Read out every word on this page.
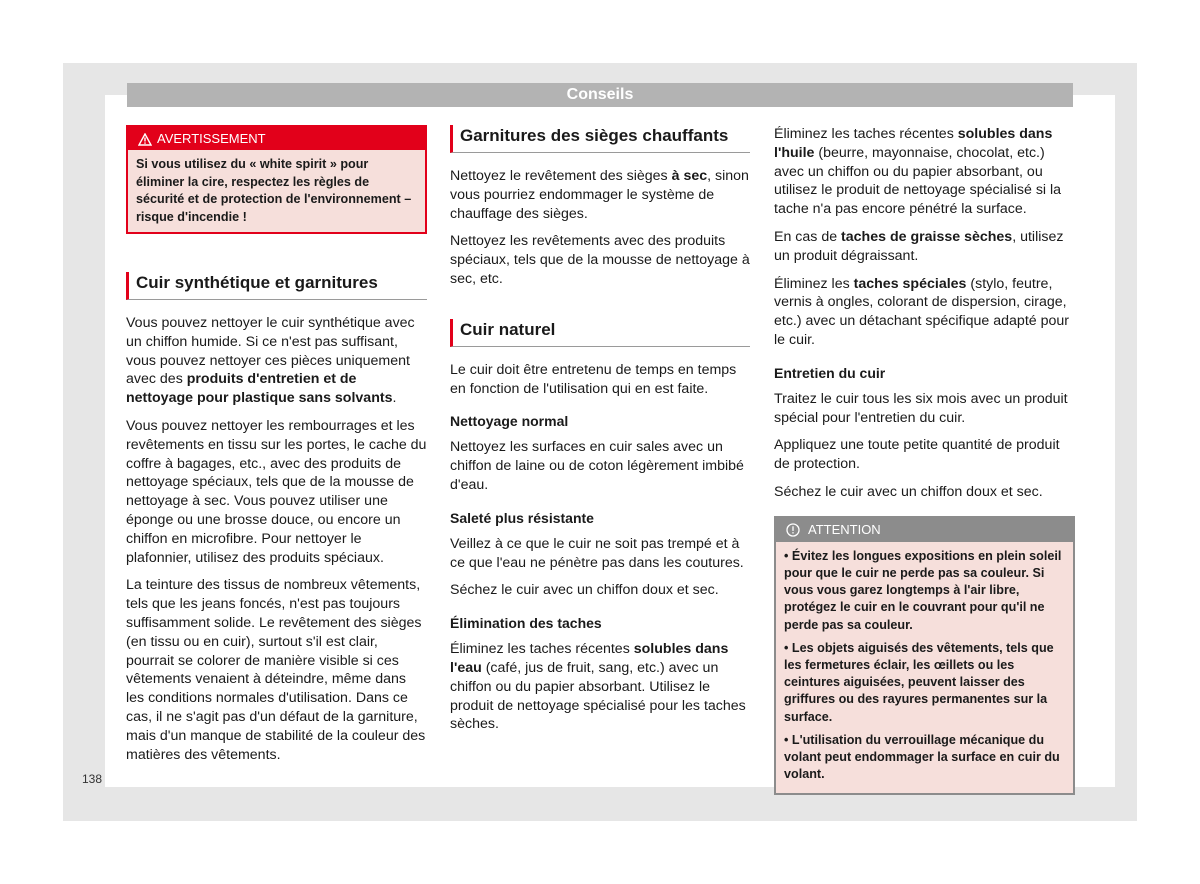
Conseils
AVERTISSEMENT
Si vous utilisez du « white spirit » pour éliminer la cire, respectez les règles de sécurité et de protection de l'environnement – risque d'incendie !
Cuir synthétique et garnitures

Vous pouvez nettoyer le cuir synthétique avec un chiffon humide. Si ce n'est pas suffisant, vous pouvez nettoyer ces pièces uniquement avec des produits d'entretien et de nettoyage pour plastique sans solvants.

Vous pouvez nettoyer les rembourrages et les revêtements en tissu sur les portes, le cache du coffre à bagages, etc., avec des produits de nettoyage spéciaux, tels que de la mousse de nettoyage à sec. Vous pouvez utiliser une éponge ou une brosse douce, ou encore un chiffon en microfibre. Pour nettoyer le plafonnier, utilisez des produits spéciaux.

La teinture des tissus de nombreux vêtements, tels que les jeans foncés, n'est pas toujours suffisamment solide. Le revêtement des sièges (en tissu ou en cuir), surtout s'il est clair, pourrait se colorer de manière visible si ces vêtements venaient à déteindre, même dans les conditions normales d'utilisation. Dans ce cas, il ne s'agit pas d'un défaut de la garniture, mais d'un manque de stabilité de la couleur des matières des vêtements.

Garnitures des sièges chauffants

Nettoyez le revêtement des sièges à sec, sinon vous pourriez endommager le système de chauffage des sièges.

Nettoyez les revêtements avec des produits spéciaux, tels que de la mousse de nettoyage à sec, etc.

Cuir naturel

Le cuir doit être entretenu de temps en temps en fonction de l'utilisation qui en est faite.

Nettoyage normal

Nettoyez les surfaces en cuir sales avec un chiffon de laine ou de coton légèrement imbibé d'eau.

Saleté plus résistante

Veillez à ce que le cuir ne soit pas trempé et à ce que l'eau ne pénètre pas dans les coutures.

Séchez le cuir avec un chiffon doux et sec.

Élimination des taches

Éliminez les taches récentes solubles dans l'eau (café, jus de fruit, sang, etc.) avec un chiffon ou du papier absorbant. Utilisez le produit de nettoyage spécialisé pour les taches sèches.

Éliminez les taches récentes solubles dans l'huile (beurre, mayonnaise, chocolat, etc.) avec un chiffon ou du papier absorbant, ou utilisez le produit de nettoyage spécialisé si la tache n'a pas encore pénétré la surface.

En cas de taches de graisse sèches, utilisez un produit dégraissant.

Éliminez les taches spéciales (stylo, feutre, vernis à ongles, colorant de dispersion, cirage, etc.) avec un détachant spécifique adapté pour le cuir.

Entretien du cuir

Traitez le cuir tous les six mois avec un produit spécial pour l'entretien du cuir.

Appliquez une toute petite quantité de produit de protection.

Séchez le cuir avec un chiffon doux et sec.

ATTENTION
• Évitez les longues expositions en plein soleil pour que le cuir ne perde pas sa couleur. Si vous vous garez longtemps à l'air libre, protégez le cuir en le couvrant pour qu'il ne perde pas sa couleur.
• Les objets aiguisés des vêtements, tels que les fermetures éclair, les œillets ou les ceintures aiguisées, peuvent laisser des griffures ou des rayures permanentes sur la surface.
• L'utilisation du verrouillage mécanique du volant peut endommager la surface en cuir du volant.
138
